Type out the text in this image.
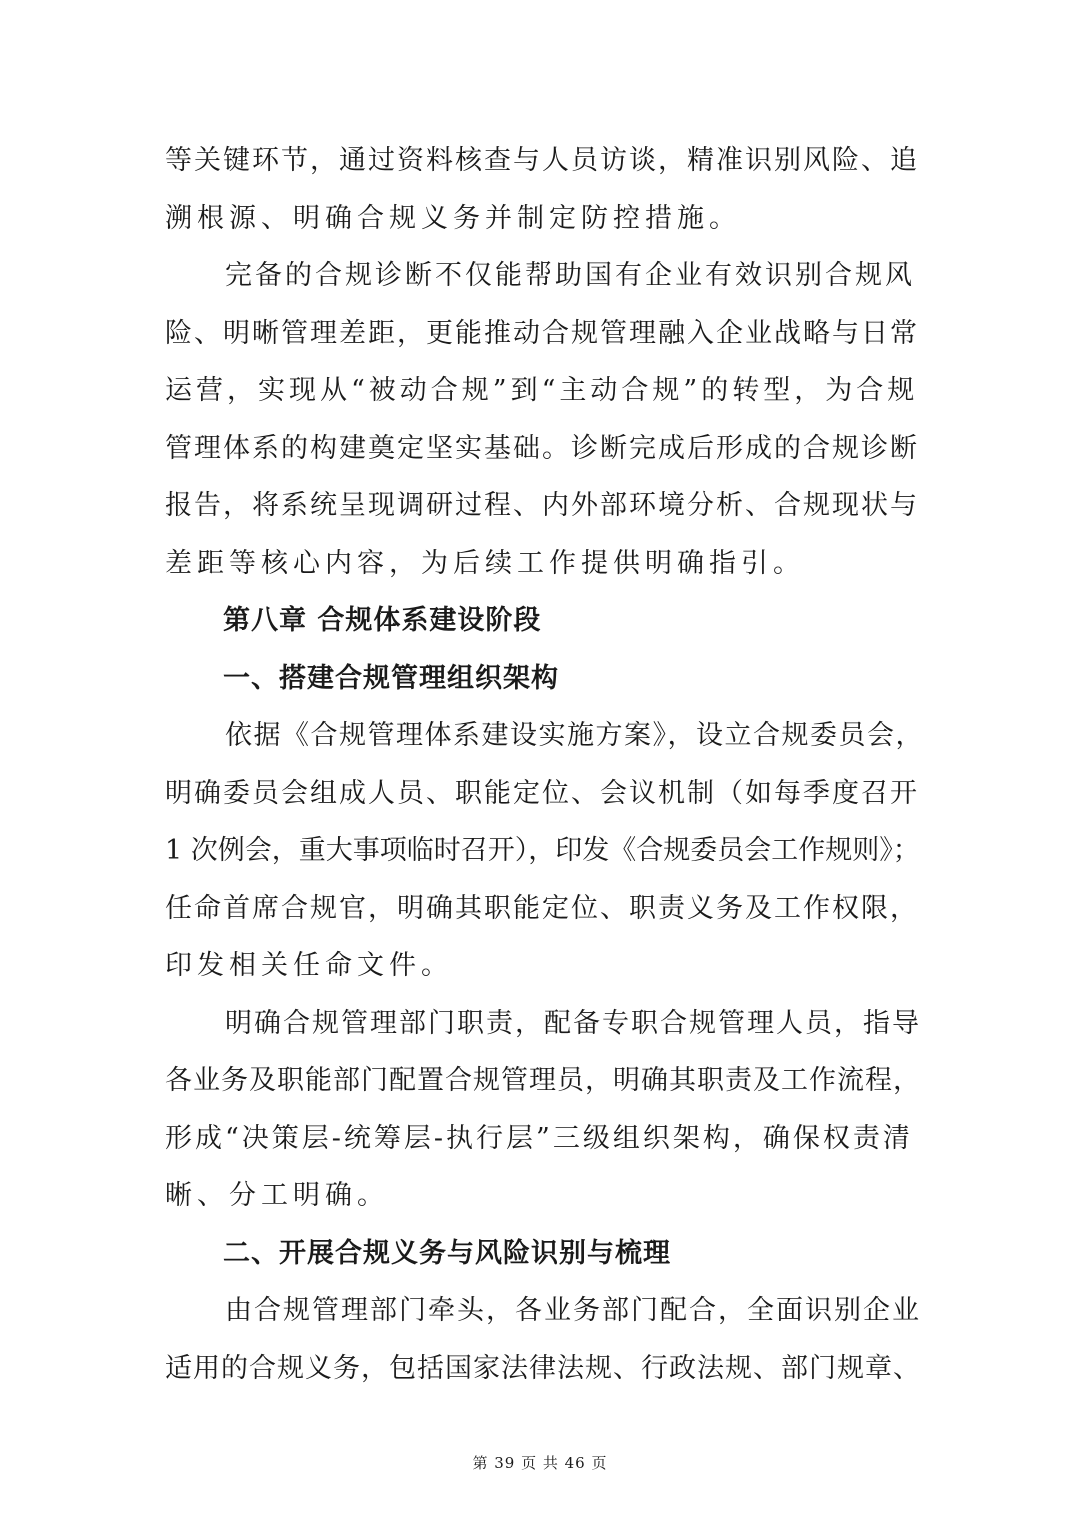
等关键环节，通过资料核查与人员访谈，精准识别风险、追
溯根源、明确合规义务并制定防控措施。
完备的合规诊断不仅能帮助国有企业有效识别合规风
险、明晰管理差距，更能推动合规管理融入企业战略与日常
运营，实现从“被动合规”到“主动合规”的转型，为合规
管理体系的构建奠定坚实基础。诊断完成后形成的合规诊断
报告，将系统呈现调研过程、内外部环境分析、合规现状与
差距等核心内容，为后续工作提供明确指引。
第八章 合规体系建设阶段
一、搭建合规管理组织架构
依据《合规管理体系建设实施方案》，设立合规委员会，
明确委员会组成人员、职能定位、会议机制（如每季度召开
1 次例会，重大事项临时召开），印发《合规委员会工作规则》；
任命首席合规官，明确其职能定位、职责义务及工作权限，
印发相关任命文件。
明确合规管理部门职责，配备专职合规管理人员，指导
各业务及职能部门配置合规管理员，明确其职责及工作流程，
形成“决策层-统筹层-执行层”三级组织架构，确保权责清
晰、分工明确。
二、开展合规义务与风险识别与梳理
由合规管理部门牵头，各业务部门配合，全面识别企业
适用的合规义务，包括国家法律法规、行政法规、部门规章、
第 39 页 共 46 页
